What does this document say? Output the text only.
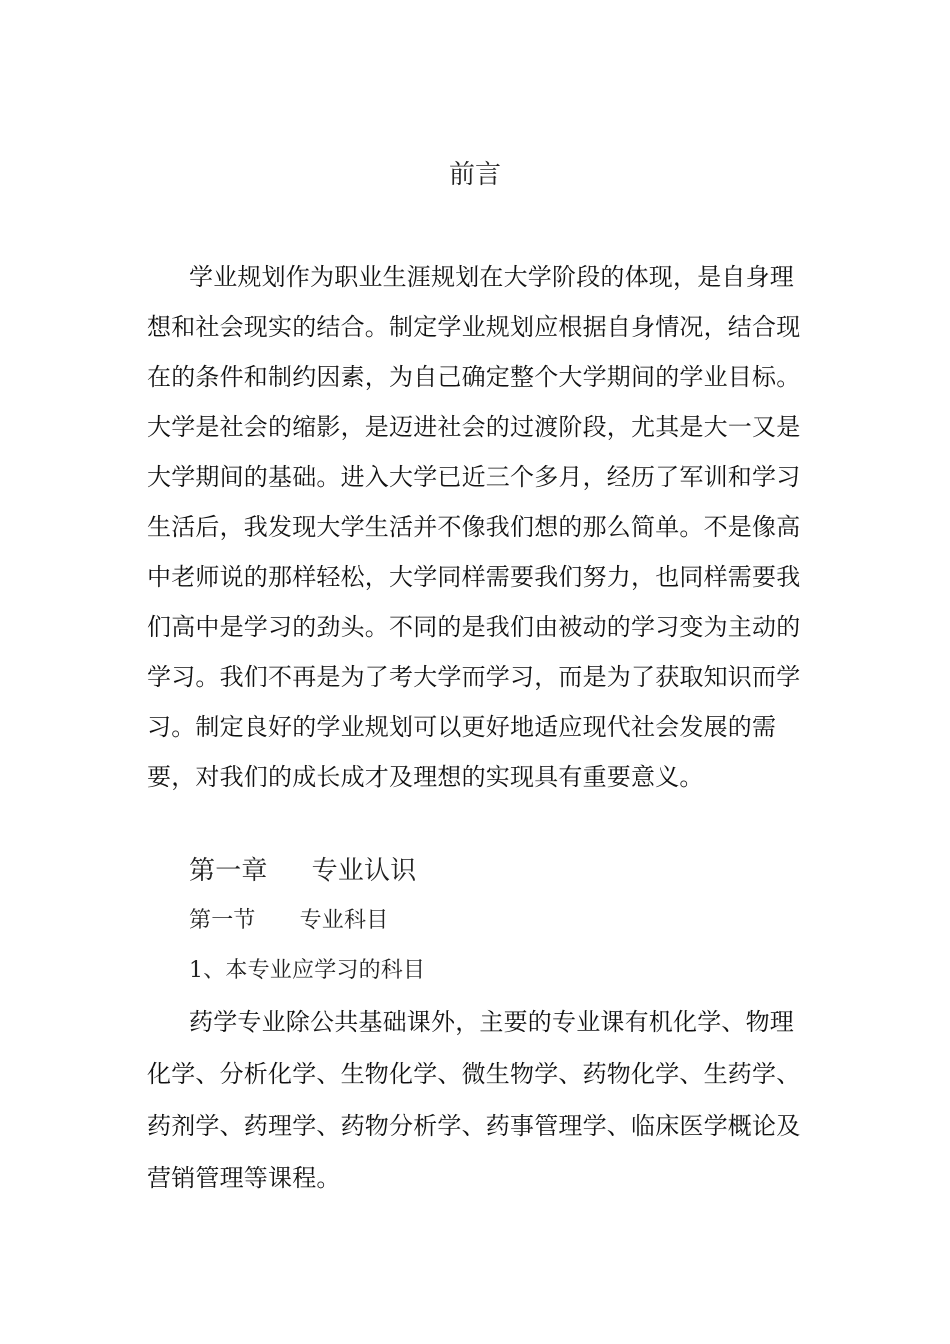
前言
学业规划作为职业生涯规划在大学阶段的体现，是自身理想和社会现实的结合。制定学业规划应根据自身情况，结合现在的条件和制约因素，为自己确定整个大学期间的学业目标。大学是社会的缩影，是迈进社会的过渡阶段，尤其是大一又是大学期间的基础。进入大学已近三个多月，经历了军训和学习生活后，我发现大学生活并不像我们想的那么简单。不是像高中老师说的那样轻松，大学同样需要我们努力，也同样需要我们高中是学习的劲头。不同的是我们由被动的学习变为主动的学习。我们不再是为了考大学而学习，而是为了获取知识而学习。制定良好的学业规划可以更好地适应现代社会发展的需要，对我们的成长成才及理想的实现具有重要意义。
第一章 专业认识
第一节 专业科目
1、本专业应学习的科目
药学专业除公共基础课外，主要的专业课有机化学、物理化学、分析化学、生物化学、微生物学、药物化学、生药学、药剂学、药理学、药物分析学、药事管理学、临床医学概论及营销管理等课程。
